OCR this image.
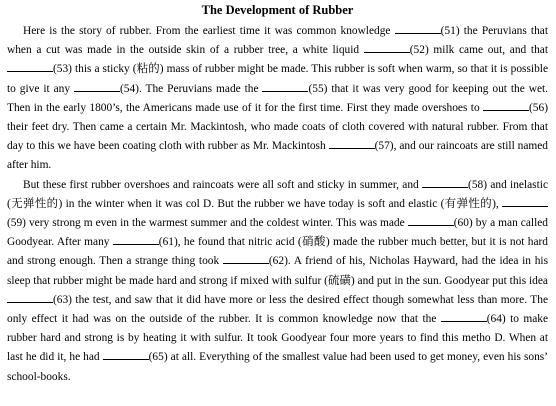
The Development of Rubber

Here is the story of rubber. From the earliest time it was common knowledge	(51) the Peruvians that when a cut was made in the outside skin of a rubber tree, a white liquid	(52) milk came out, and that (53) this a sticky (粘的) mass of rubber might be made. This rubber is soft when warm, so that it is possible to give it any	(54). The Peruvians made the	(55) that it was very good for keeping out the wet. Then in the early 1800’s, the Americans made use of it for the first time. First they made overshoes to	(56) their feet dry. Then came a certain Mr. Mackintosh, who made coats of cloth covered with natural rubber. From that day to this we have been coating cloth with rubber as Mr. Mackintosh	(57), and our raincoats are still named after him.

But these first rubber overshoes and raincoats were all soft and sticky in summer, and	(58) and inelastic (无弹性的) in the winter when it was col D. But the rubber we have today is soft and elastic (有弹性的), (59) very strong m even in the warmest summer and the coldest winter. This was made	(60) by a man called Goodyear. After many	(61), he found that nitric acid (硝酸) made the rubber much better, but it is not hard and strong enough. Then a strange thing took	(62). A friend of his, Nicholas Hayward, had the idea in his sleep that rubber might be made hard and strong if mixed with sulfur (硫磺) and put in the sun. Goodyear put this idea (63) the test, and saw that it did have more or less the desired effect though somewhat less than more. The only effect it had was on the outside of the rubber. It is common knowledge now that the	(64) to make rubber hard and strong is by heating it with sulfur. It took Goodyear four more years to find this metho D. When at last he did it, he had	(65) at all. Everything of the smallest value had been used to get money, even his sons’ school-books.
